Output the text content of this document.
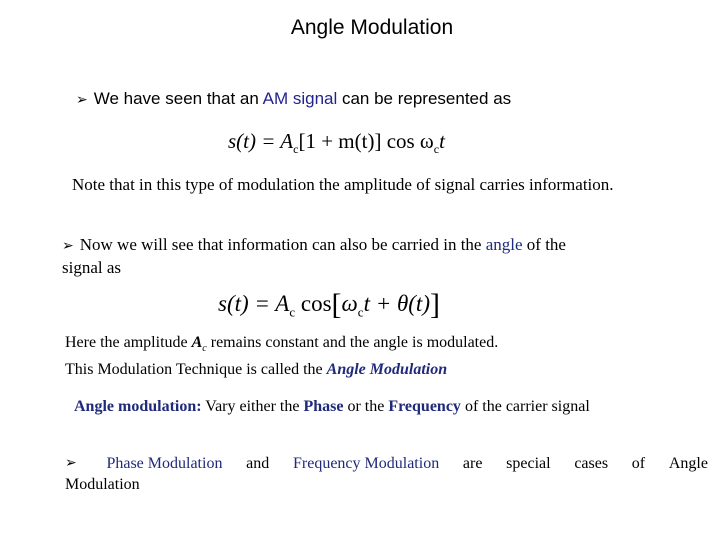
Angle Modulation
➢ We have seen that an AM signal can be represented as
$s(t) = A_c[1 + m(t)]$ $\cos \omega_ct$
Note that in this type of modulation the amplitude of signal carries information.
➢ Now we will see that information can also be carried in the angle of the
signal as
$s(t) = A_c$ $\cos[\omega_ct + \theta(t)]$
Here the amplitude $A_c$ remains constant and the angle is modulated.
This Modulation Technique is called the Angle Modulation
Angle modulation: Vary either the Phase or the Frequency of the carrier signal
➢ Phase Modulation and Frequency Modulation are special cases of Angle
Modulation
